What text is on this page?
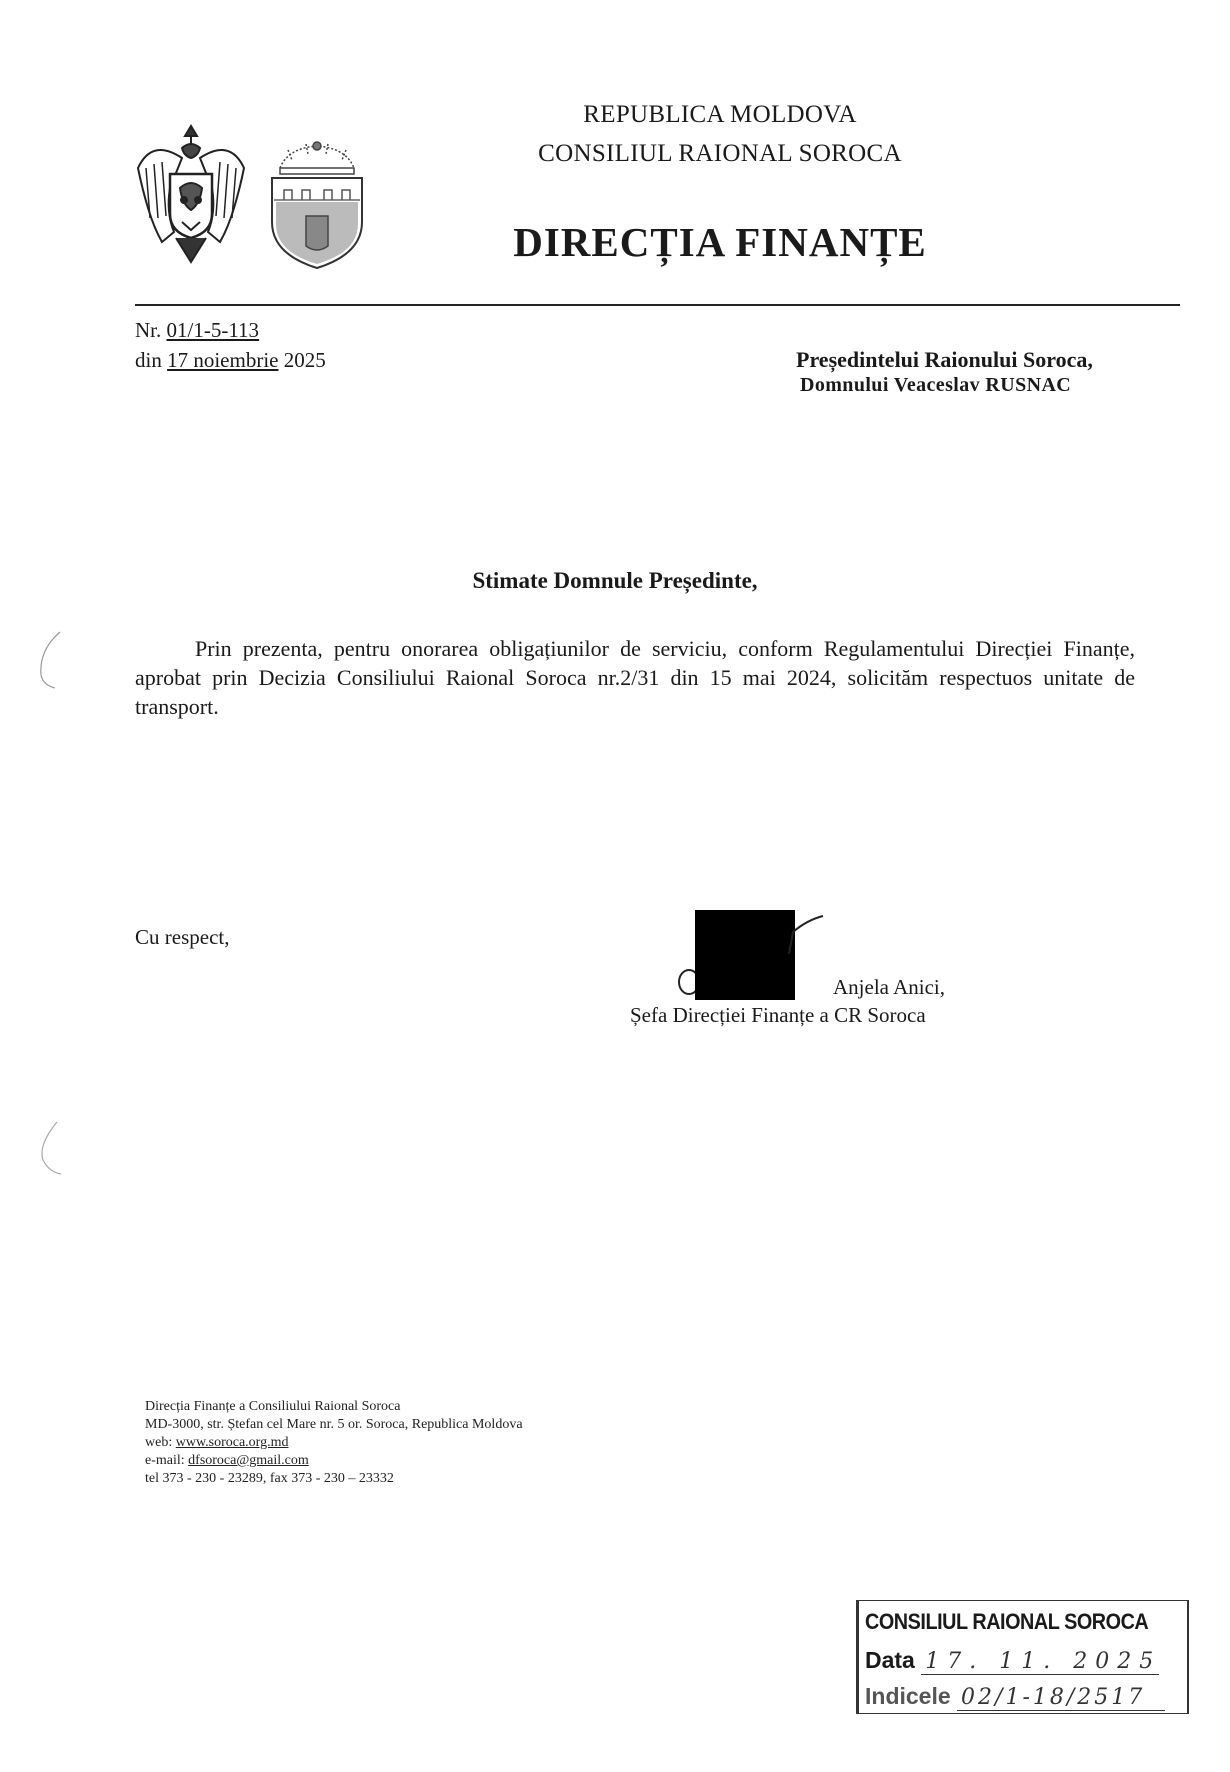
REPUBLICA MOLDOVA
CONSILIUL RAIONAL SOROCA
DIRECȚIA FINANȚE
Nr. 01/1-5-113
din 17 noiembrie 2025	Președintelui Raionului Soroca,
Domnului Veaceslav RUSNAC
Stimate Domnule Președinte,

Prin prezenta, pentru onorarea obligațiunilor de serviciu, conform Regulamentului Direcției Finanțe, aprobat prin Decizia Consiliului Raional Soroca nr.2/31 din 15 mai 2024, solicităm respectuos unitate de transport.

Cu respect,
Anjela Anici,
Șefa Direcției Finanțe a CR Soroca
Direcția Finanțe a Consiliului Raional Soroca
MD-3000, str. Ștefan cel Mare nr. 5 or. Soroca, Republica Moldova
web: www.soroca.org.md
e-mail: dfsoroca@gmail.com
tel 373 - 230 - 23289, fax 373 - 230 – 23332
CONSILIUL RAIONAL SOROCA
Data 17. 11. 2025
Indicele 02/1-18/2517
